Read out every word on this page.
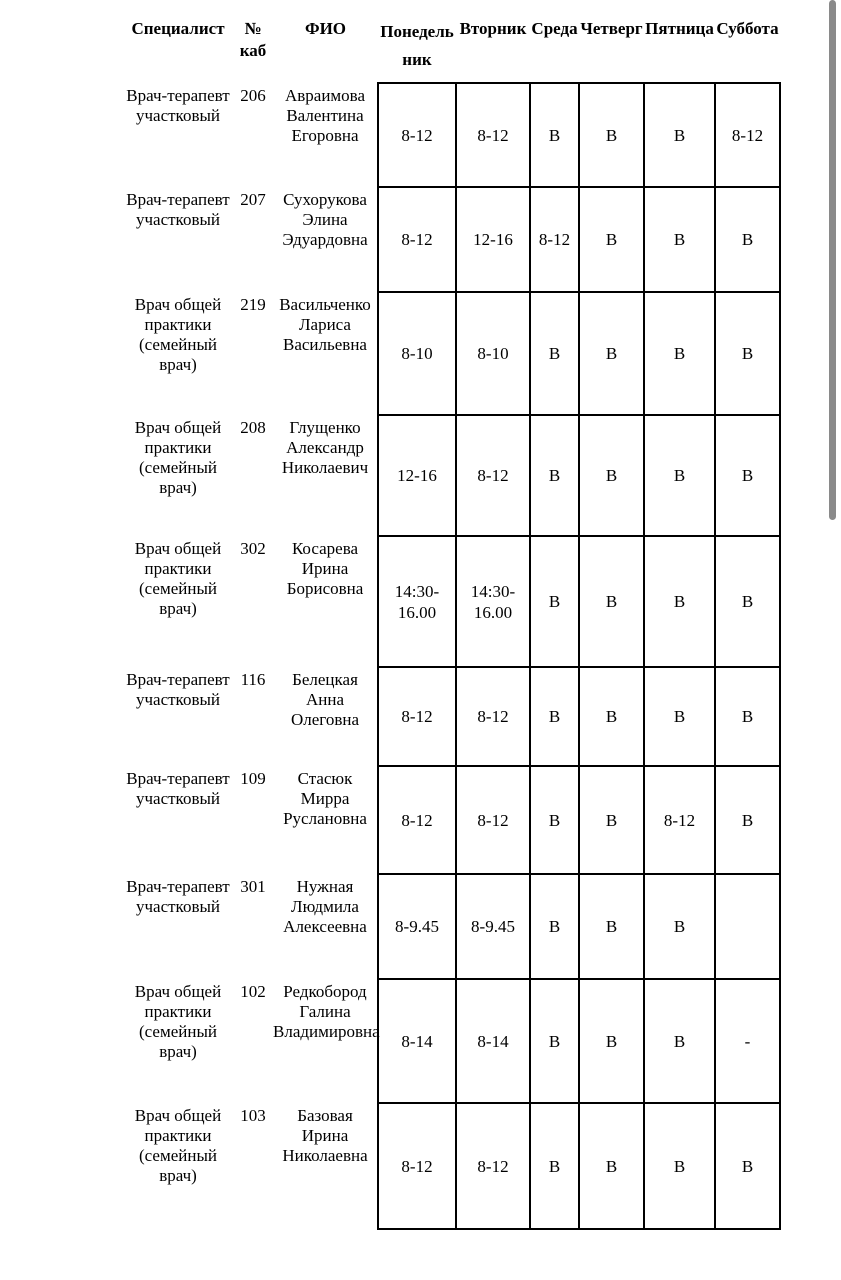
Специалист	№ каб	ФИО	Понедельник	Вторник	Среда	Четверг	Пятница	Суббота
Врач-терапевт участковый	206	Авраимова Валентина Егоровна	8-12	8-12	В	В	В	8-12
Врач-терапевт участковый	207	Сухорукова Элина Эдуардовна	8-12	12-16	8-12	В	В	В
Врач общей практики (семейный врач)	219	Васильченко Лариса Васильевна	8-10	8-10	В	В	В	В
Врач общей практики (семейный врач)	208	Глущенко Александр Николаевич	12-16	8-12	В	В	В	В
Врач общей практики (семейный врач)	302	Косарева Ирина Борисовна	14:30-16.00	14:30-16.00	В	В	В	В
Врач-терапевт участковый	116	Белецкая Анна Олеговна	8-12	8-12	В	В	В	В
Врач-терапевт участковый	109	Стасюк Мирра Руслановна	8-12	8-12	В	В	8-12	В
Врач-терапевт участковый	301	Нужная Людмила Алексеевна	8-9.45	8-9.45	В	В	В	
Врач общей практики (семейный врач)	102	Редкобород Галина Владимировна	8-14	8-14	В	В	В	-
Врач общей практики (семейный врач)	103	Базовая Ирина Николаевна	8-12	8-12	В	В	В	В
